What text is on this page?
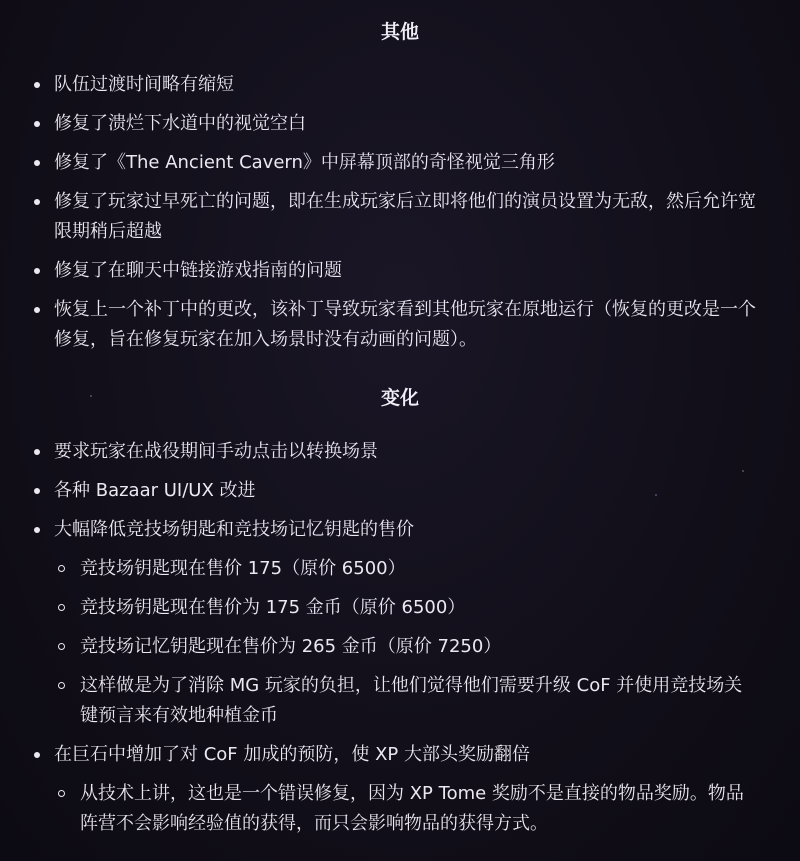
其他
队伍过渡时间略有缩短
修复了溃烂下水道中的视觉空白
修复了《The Ancient Cavern》中屏幕顶部的奇怪视觉三角形
修复了玩家过早死亡的问题，即在生成玩家后立即将他们的演员设置为无敌，然后允许宽限期稍后超越
修复了在聊天中链接游戏指南的问题
恢复上一个补丁中的更改，该补丁导致玩家看到其他玩家在原地运行（恢复的更改是一个修复，旨在修复玩家在加入场景时没有动画的问题）。
变化
要求玩家在战役期间手动点击以转换场景
各种 Bazaar UI/UX 改进
大幅降低竞技场钥匙和竞技场记忆钥匙的售价
竞技场钥匙现在售价 175（原价 6500）
竞技场钥匙现在售价为 175 金币（原价 6500）
竞技场记忆钥匙现在售价为 265 金币（原价 7250）
这样做是为了消除 MG 玩家的负担，让他们觉得他们需要升级 CoF 并使用竞技场关键预言来有效地种植金币
在巨石中增加了对 CoF 加成的预防，使 XP 大部头奖励翻倍
从技术上讲，这也是一个错误修复，因为 XP Tome 奖励不是直接的物品奖励。物品阵营不会影响经验值的获得，而只会影响物品的获得方式。
